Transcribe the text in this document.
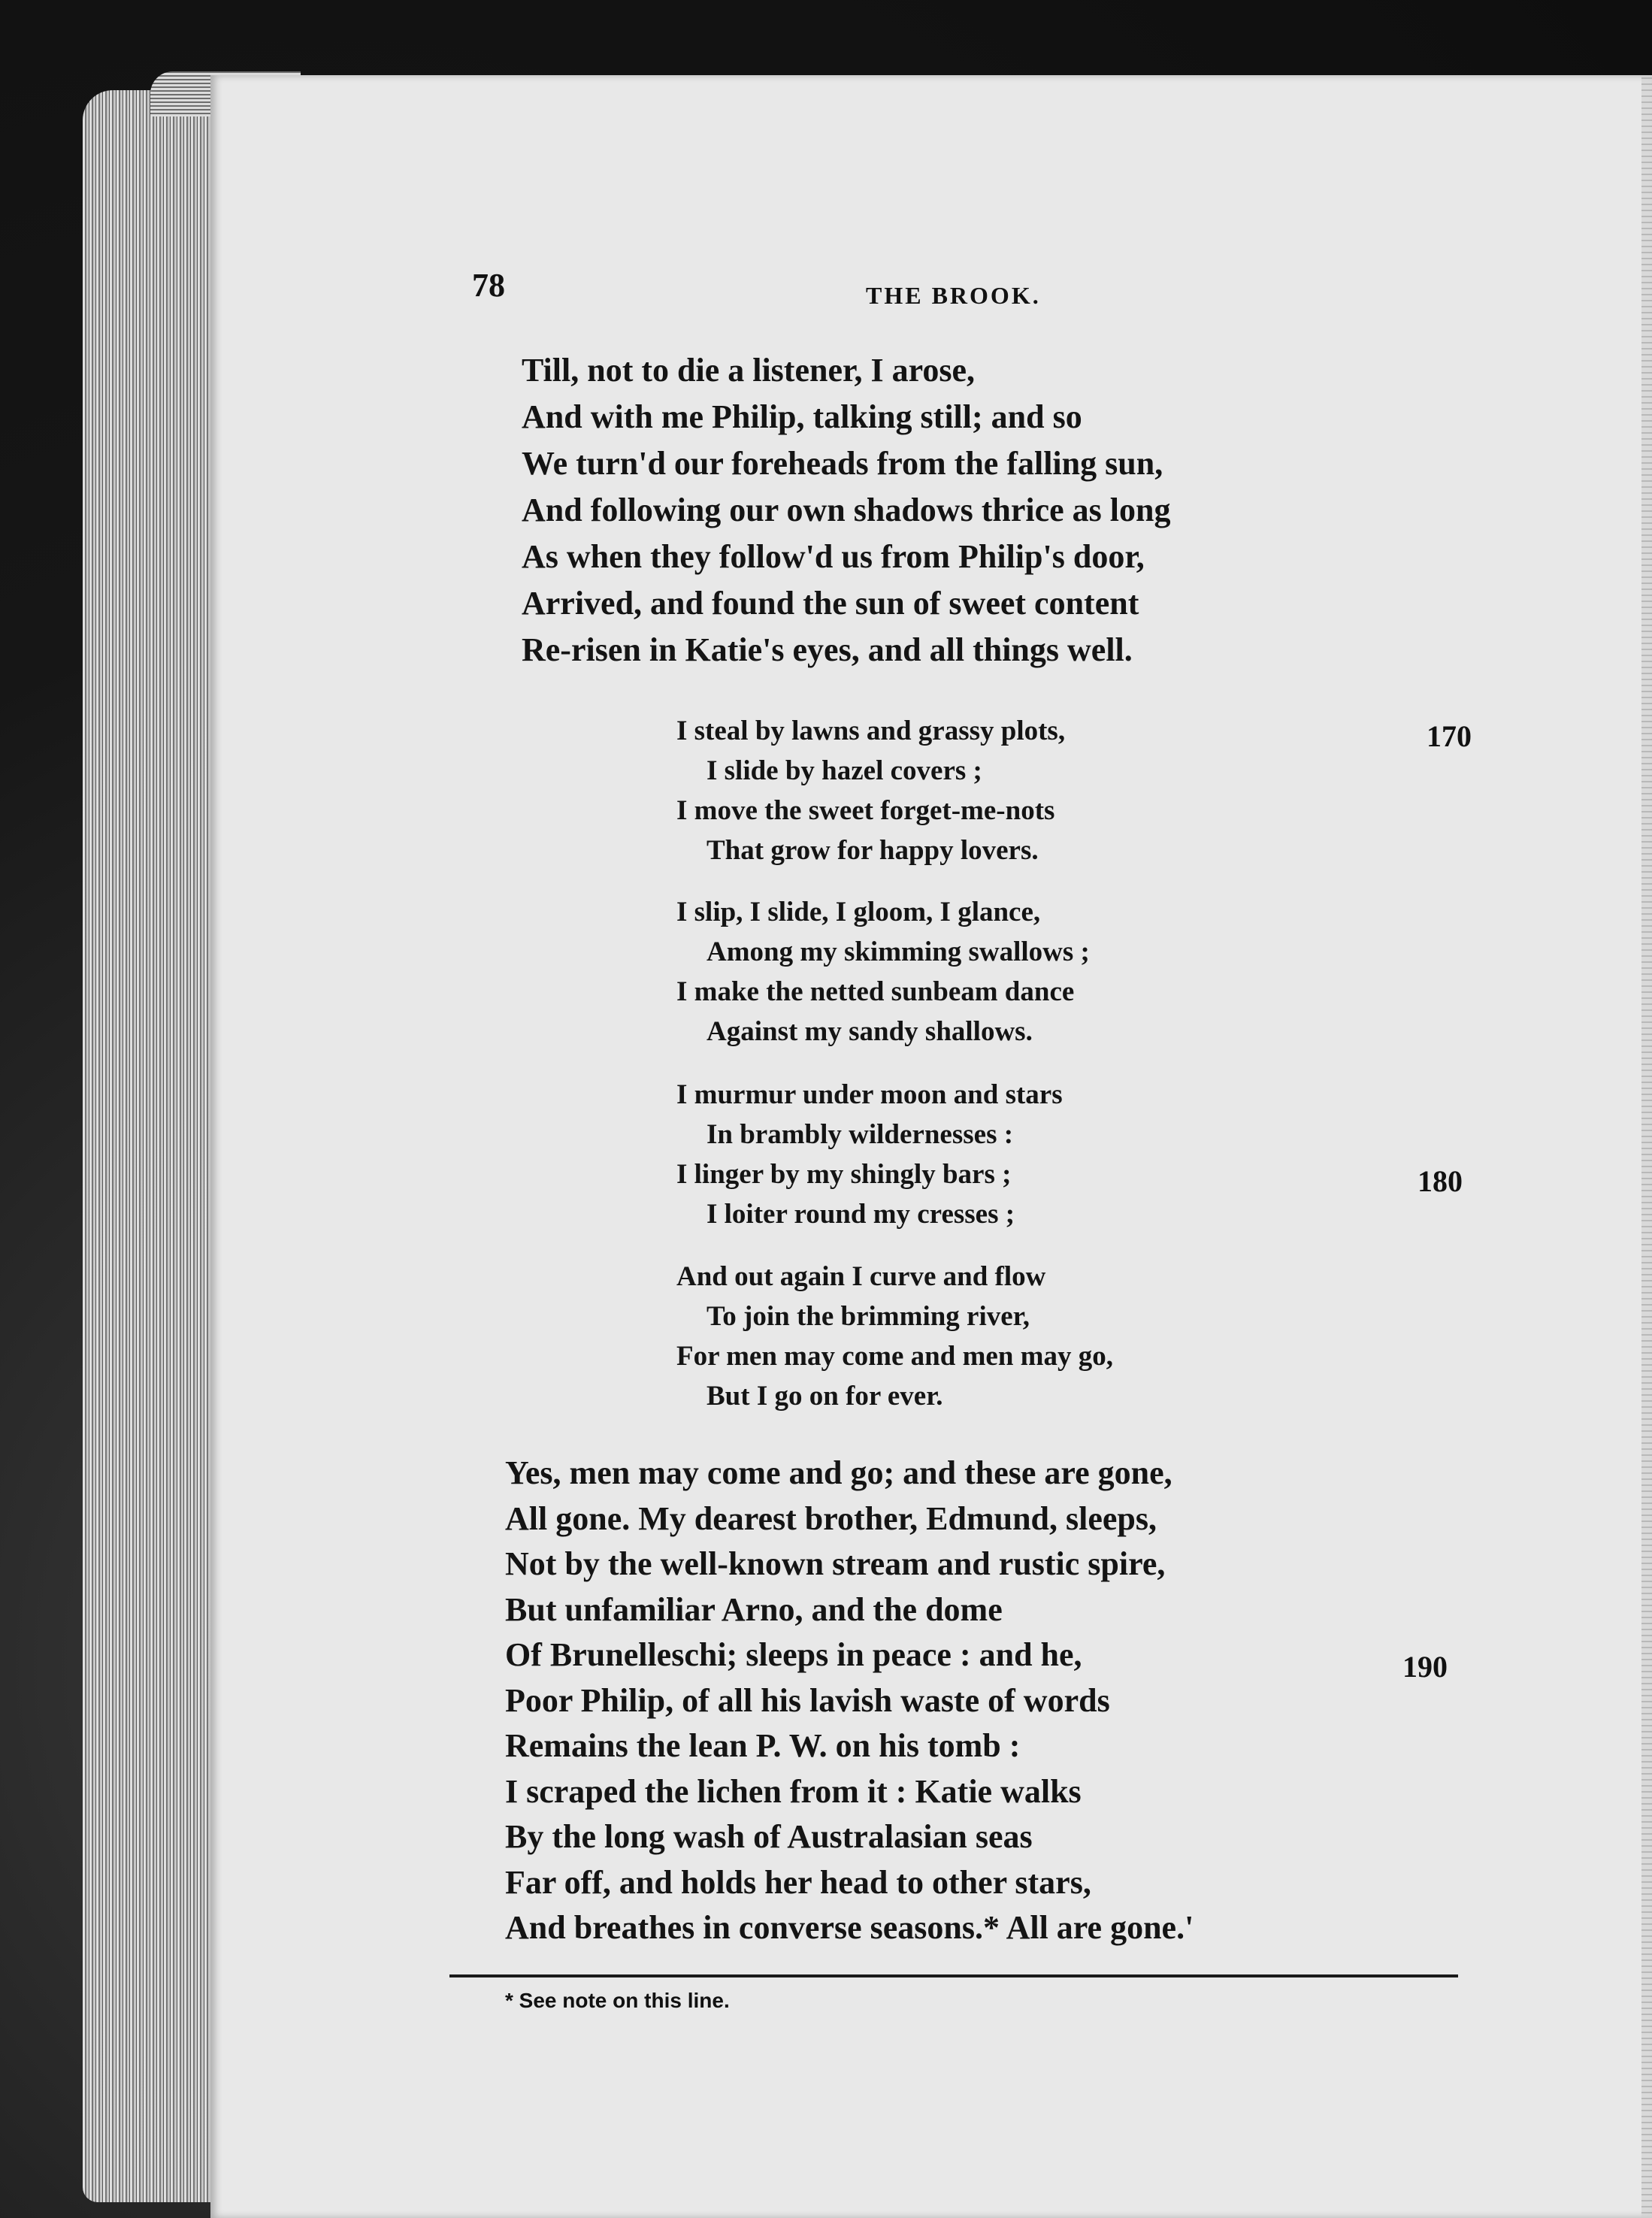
78	THE BROOK.
Till, not to die a listener, I arose,
And with me Philip, talking still; and so
We turn'd our foreheads from the falling sun,
And following our own shadows thrice as long
As when they follow'd us from Philip's door,
Arrived, and found the sun of sweet content
Re-risen in Katie's eyes, and all things well.
I steal by lawns and grassy plots,
I slide by hazel covers ;
I move the sweet forget-me-nots
That grow for happy lovers.
I slip, I slide, I gloom, I glance,
Among my skimming swallows ;
I make the netted sunbeam dance
Against my sandy shallows.
I murmur under moon and stars
In brambly wildernesses :
I linger by my shingly bars ;
I loiter round my cresses ;
And out again I curve and flow
To join the brimming river,
For men may come and men may go,
But I go on for ever.
Yes, men may come and go; and these are gone,
All gone. My dearest brother, Edmund, sleeps,
Not by the well-known stream and rustic spire,
But unfamiliar Arno, and the dome
Of Brunelleschi; sleeps in peace : and he,
Poor Philip, of all his lavish waste of words
Remains the lean P. W. on his tomb :
I scraped the lichen from it : Katie walks
By the long wash of Australasian seas
Far off, and holds her head to other stars,
And breathes in converse seasons.* All are gone.'
170
180
190
* See note on this line.
